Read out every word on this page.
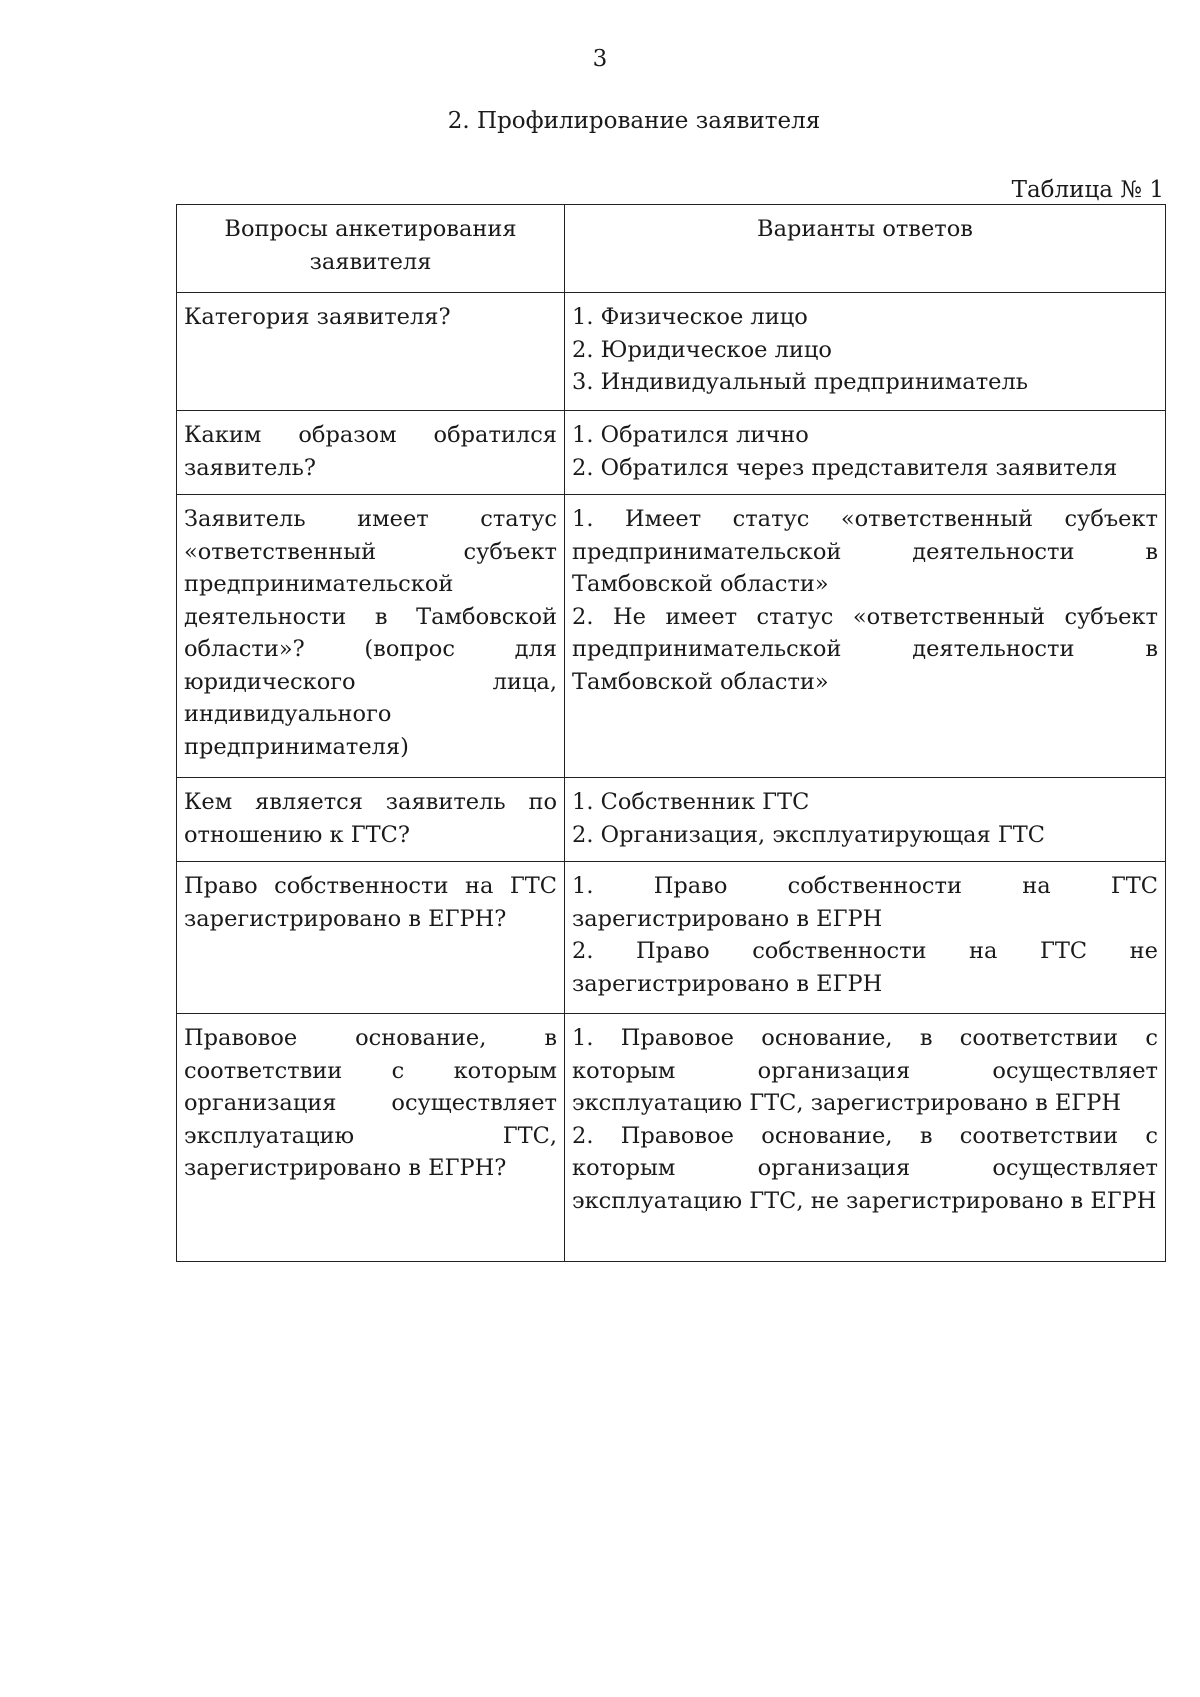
3
2. Профилирование заявителя
Таблица № 1
Вопросы анкетирования заявителя	Варианты ответов
Категория заявителя?	1. Физическое лицо
2. Юридическое лицо
3. Индивидуальный предприниматель

Каким образом обратился заявитель?	1. Обратился лично
2. Обратился через представителя заявителя

Заявитель имеет статус «ответственный субъект предпринимательской деятельности в Тамбовской области»? (вопрос для юридического лица, индивидуального предпринимателя)	1. Имеет статус «ответственный субъект предпринимательской деятельности в Тамбовской области»
2. Не имеет статус «ответственный субъект предпринимательской деятельности в Тамбовской области»

Кем является заявитель по отношению к ГТС?	1. Собственник ГТС
2. Организация, эксплуатирующая ГТС

Право собственности на ГТС зарегистрировано в ЕГРН?	1. Право собственности на ГТС зарегистрировано в ЕГРН
2. Право собственности на ГТС не зарегистрировано в ЕГРН

Правовое основание, в соответствии с которым организация осуществляет эксплуатацию ГТС, зарегистрировано в ЕГРН?	1. Правовое основание, в соответствии с которым организация осуществляет эксплуатацию ГТС, зарегистрировано в ЕГРН
2. Правовое основание, в соответствии с которым организация осуществляет эксплуатацию ГТС, не зарегистрировано в ЕГРН
